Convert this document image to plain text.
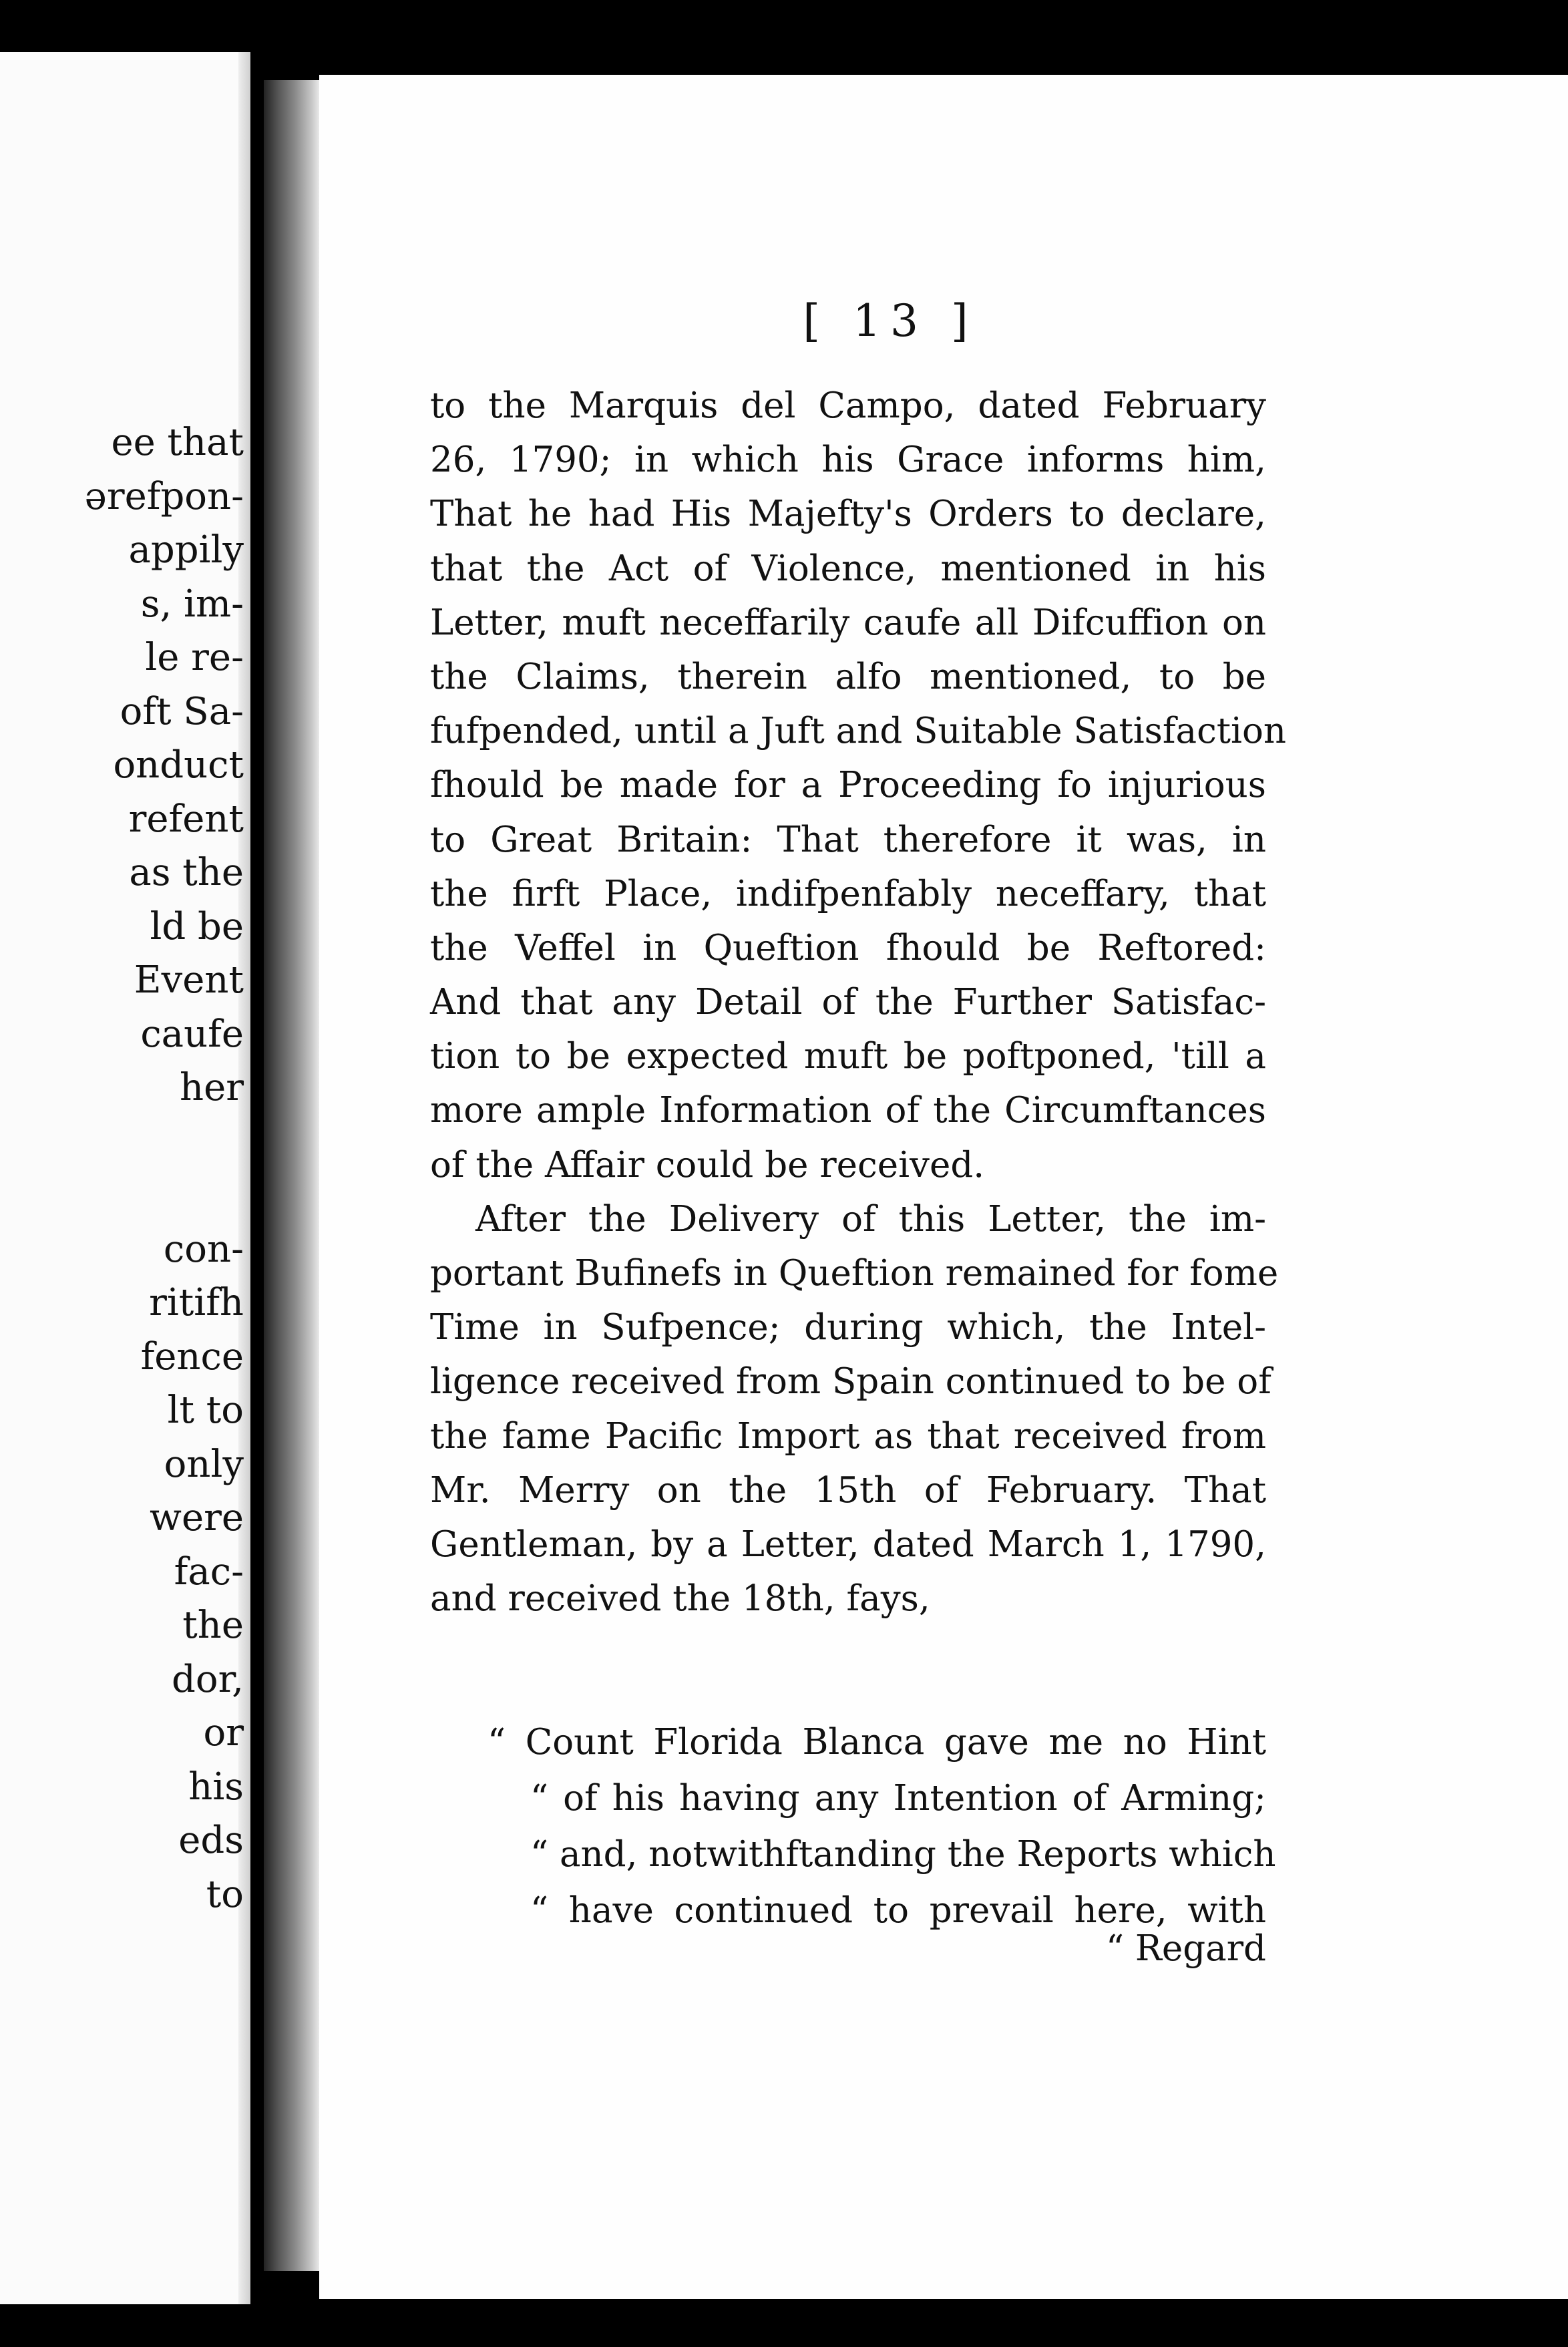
ee that
ərefpon-
appily
s, im-
le re-
oft Sa-
onduct
refent
as the
ld be
Event
caufe
her
con-
ritifh
fence
lt to
only
were
fac-
the
dor,
or
his
eds
to
[ 13 ]
to the Marquis del Campo, dated February
26, 1790; in which his Grace informs him,
That he had His Majefty's Orders to declare,
that the Act of Violence, mentioned in his
Letter, muft neceffarily caufe all Difcuffion on
the Claims, therein alfo mentioned, to be
fufpended, until a Juft and Suitable Satisfaction
fhould be made for a Proceeding fo injurious
to Great Britain: That therefore it was, in
the firft Place, indifpenfably neceffary, that
the Veffel in Queftion fhould be Reftored:
And that any Detail of the Further Satisfac-
tion to be expected muft be poftponed, 'till a
more ample Information of the Circumftances
of the Affair could be received.
After the Delivery of this Letter, the im-
portant Bufinefs in Queftion remained for fome
Time in Sufpence; during which, the Intel-
ligence received from Spain continued to be of
the fame Pacific Import as that received from
Mr. Merry on the 15th of February. That
Gentleman, by a Letter, dated March 1, 1790,
and received the 18th, fays,
“ Count Florida Blanca gave me no Hint
“ of his having any Intention of Arming;
“ and, notwithftanding the Reports which
“ have continued to prevail here, with
“ Regard
